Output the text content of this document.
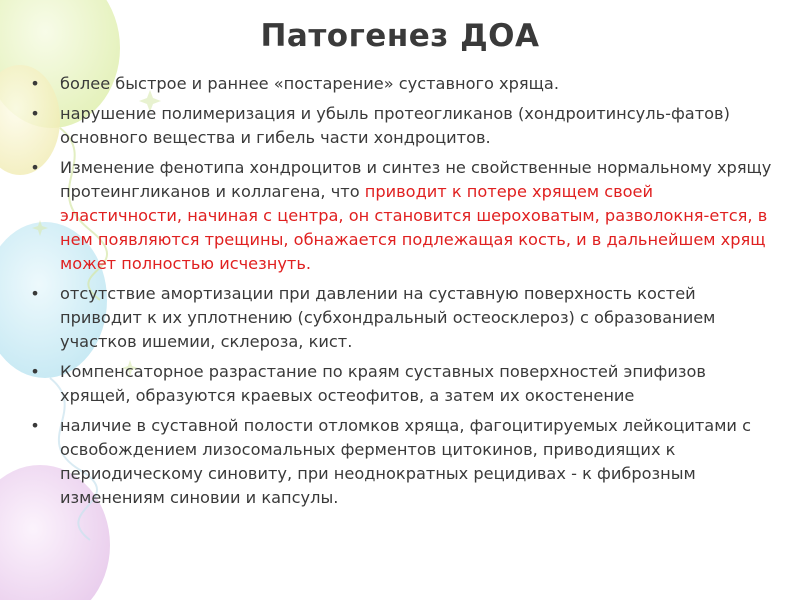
Патогенез ДОА
• более быстрое и раннее «постарение» суставного хряща.
• нарушение полимеризация и убыль протеогликанов (хондроитинсуль-фатов) основного вещества и гибель части хондроцитов.
• Изменение фенотипа хондроцитов и синтез не свойственные нормальному хрящу протеингликанов и коллагена, что приводит к потере хрящем своей эластичности, начиная с центра, он становится шероховатым, разволокня-ется, в нем появляются трещины, обнажается подлежащая кость, и в дальнейшем хрящ может полностью исчезнуть.
• отсутствие амортизации при давлении на суставную поверхность костей приводит к их уплотнению (субхондральный остеосклероз) с образованием участков ишемии, склероза, кист.
• Компенсаторное разрастание по краям суставных поверхностей эпифизов хрящей, образуются краевых остеофитов, а затем их окостенение
• наличие в суставной полости отломков хряща, фагоцитируемых лейкоцитами с освобождением лизосомальных ферментов цитокинов, приводиящих к периодическому синовиту, при неоднократных рецидивах - к фиброзным изменениям синовии и капсулы.
